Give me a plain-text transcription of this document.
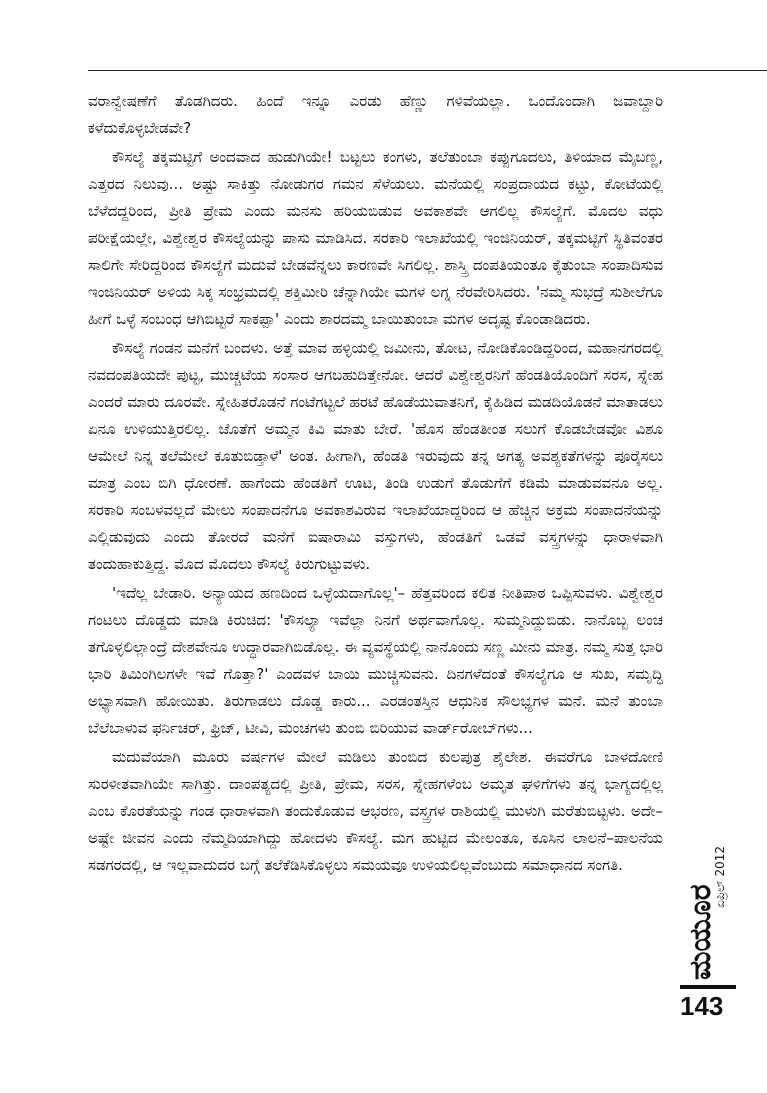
ವರಾನ್ವೇಷಣೆಗೆ ತೊಡಗಿದರು. ಹಿಂದೆ ಇನ್ನೂ ಎರಡು ಹೆಣ್ಣು ಗಳಿವೆಯಲ್ಲಾ. ಒಂದೊಂದಾಗಿ ಜವಾಬ್ದಾರಿ ಕಳೆದುಕೊಳ್ಳಬೇಡವೇ?

ಕೌಸಲ್ಯೆ ತಕ್ಕಮಟ್ಟಿಗೆ ಅಂದವಾದ ಹುಡುಗಿಯೇ! ಬಟ್ಟಲು ಕಂಗಳು, ತಲೆತುಂಬಾ ಕಪ್ಪುಗೂದಲು, ತಿಳಿಯಾದ ಮೈಬಣ್ಣ, ಎತ್ತರದ ನಿಲುವು... ಅಷ್ಟು ಸಾಕಿತ್ತು ನೋಡುಗರ ಗಮನ ಸೆಳೆಯಲು. ಮನೆಯಲ್ಲಿ ಸಂಪ್ರದಾಯದ ಕಟ್ಟು, ಕೋಟೆಯಲ್ಲಿ ಬೆಳೆದದ್ದರಿಂದ, ಪ್ರೀತಿ ಪ್ರೇಮ ಎಂದು ಮನಸು ಹರಿಯಬಿಡುವ ಅವಕಾಶವೇ ಆಗಲಿಲ್ಲ ಕೌಸಲ್ಯೆಗೆ. ಮೊದಲ ವಧು ಪರೀಕ್ಷೆಯಲ್ಲೇ, ವಿಶ್ವೇಶ್ವರ ಕೌಸಲ್ಯೆಯನ್ನು ಪಾಸು ಮಾಡಿಸಿದ. ಸರಕಾರಿ ಇಲಾಖೆಯಲ್ಲಿ ಇಂಜಿನಿಯರ್, ತಕ್ಕಮಟ್ಟಿಗೆ ಸ್ಥಿತಿವಂತರ ಸಾಲಿಗೇ ಸೇರಿದ್ದರಿಂದ ಕೌಸಲ್ಯೆಗೆ ಮದುವೆ ಬೇಡವೆನ್ನಲು ಕಾರಣವೇ ಸಿಗಲಿಲ್ಲ. ಶಾಸ್ತ್ರಿ ದಂಪತಿಯಂತೂ ಕೈತುಂಬಾ ಸಂಪಾದಿಸುವ ಇಂಜಿನಿಯರ್ ಅಳಿಯ ಸಿಕ್ಕ ಸಂಭ್ರಮದಲ್ಲಿ ಶಕ್ತಿಮೀರಿ ಚೆನ್ನಾಗಿಯೇ ಮಗಳ ಲಗ್ನ ನೆರವೇರಿಸಿದರು. 'ನಮ್ಮ ಸುಭದ್ರೆ ಸುಶೀಲೆಗೂ ಹೀಗೆ ಒಳ್ಳೆ ಸಂಬಂಧ ಆಗಿಬಿಟ್ಟರೆ ಸಾಕಪ್ಪಾ' ಎಂದು ಶಾರದಮ್ಮ ಬಾಯಿತುಂಬಾ ಮಗಳ ಅದೃಷ್ಟ ಕೊಂಡಾಡಿದರು.

ಕೌಸಲ್ಯೆ ಗಂಡನ ಮನೆಗೆ ಬಂದಳು. ಅತ್ತೆ ಮಾವ ಹಳ್ಳಿಯಲ್ಲಿ ಜಮೀನು, ತೋಟ, ನೋಡಿಕೊಂಡಿದ್ದರಿಂದ, ಮಹಾನಗರದಲ್ಲಿ ನವದಂಪತಿಯದೇ ಪುಟ್ಟ, ಮುಚ್ಚಟೆಯ ಸಂಸಾರ ಆಗಬಹುದಿತ್ತೇನೋ. ಆದರೆ ವಿಶ್ವೇಶ್ವರನಿಗೆ ಹೆಂಡತಿಯೊಂದಿಗೆ ಸರಸ, ಸ್ನೇಹ ಎಂದರೆ ಮಾರು ದೂರವೇ. ಸ್ನೇಹಿತರೊಡನೆ ಗಂಟೆಗಟ್ಟಲೆ ಹರಟೆ ಹೊಡೆಯುವಾತನಿಗೆ, ಕೈಹಿಡಿದ ಮಡದಿಯೊಡನೆ ಮಾತಾಡಲು ಏನೂ ಉಳಿಯುತ್ತಿರಲಿಲ್ಲ. ಜೊತೆಗೆ ಅಮ್ಮನ ಕಿವಿ ಮಾತು ಬೇರೆ. 'ಹೊಸ ಹೆಂಡತೀಂತ ಸಲುಗೆ ಕೊಡಬೇಡವೋ ವಿಶೂ ಆಮೇಲೆ ನಿನ್ನ ತಲೆಮೇಲೆ ಕೂತುಬಿಡ್ತಾಳೆ' ಅಂತ. ಹೀಗಾಗಿ, ಹೆಂಡತಿ ಇರುವುದು ತನ್ನ ಅಗತ್ಯ ಅವಶ್ಯಕತೆಗಳನ್ನು ಪೂರೈಸಲು ಮಾತ್ರ ಎಂಬ ಬಿಗಿ ಧೋರಣೆ. ಹಾಗೆಂದು ಹೆಂಡತಿಗೆ ಊಟ, ತಿಂಡಿ ಉಡುಗೆ ತೊಡುಗೆಗೆ ಕಡಿಮೆ ಮಾಡುವವನೂ ಅಲ್ಲ. ಸರಕಾರಿ ಸಂಬಳವಲ್ಲದೆ ಮೇಲು ಸಂಪಾದನೆಗೂ ಅವಕಾಶವಿರುವ ಇಲಾಖೆಯಾದ್ದರಿಂದ ಆ ಹೆಚ್ಚಿನ ಅಕ್ರಮ ಸಂಪಾದನೆಯನ್ನು ಎಲ್ಲಿಡುವುದು ಎಂದು ತೋರದೆ ಮನೆಗೆ ಐಷಾರಾಮಿ ವಸ್ತುಗಳು, ಹೆಂಡತಿಗೆ ಒಡವೆ ವಸ್ತ್ರಗಳನ್ನು ಧಾರಾಳವಾಗಿ ತಂದುಹಾಕುತ್ತಿದ್ದ. ಮೊದ ಮೊದಲು ಕೌಸಲ್ಯೆ ಕಿರುಗುಟ್ಟುವಳು.

'ಇದೆಲ್ಲ ಬೇಡಾರಿ. ಅನ್ಯಾಯದ ಹಣದಿಂದ ಒಳ್ಳೆಯದಾಗೊಲ್ಲ'– ಹೆತ್ತವರಿಂದ ಕಲಿತ ನೀತಿಪಾಠ ಒಪ್ಪಿಸುವಳು. ವಿಶ್ವೇಶ್ವರ ಗಂಟಲು ದೊಡ್ಡದು ಮಾಡಿ ಕಿರುಚಿದ: 'ಕೌಸಲ್ಯಾ ಇವೆಲ್ಲಾ ನಿನಗೆ ಅರ್ಥವಾಗೊಲ್ಲ. ಸುಮ್ಮನಿದ್ದುಬಿಡು. ನಾನೊಬ್ಬ ಲಂಚ ತಗೊಳ್ಳಲಿಲ್ಲಾಂದ್ರೆ ದೇಶವೇನೂ ಉದ್ಧಾರವಾಗಿಬಿಡೊಲ್ಲ. ಈ ವ್ಯವಸ್ಥೆಯಲ್ಲಿ ನಾನೊಂದು ಸಣ್ಣ ಮೀನು ಮಾತ್ರ. ನಮ್ಮ ಸುತ್ತ ಭಾರಿ ಭಾರಿ ತಿಮಿಂಗಿಲಗಳೇ ಇವೆ ಗೊತ್ತಾ?' ಎಂದವಳ ಬಾಯಿ ಮುಚ್ಚಿಸುವನು. ದಿನಗಳೆದಂತೆ ಕೌಸಲ್ಯೆಗೂ ಆ ಸುಖ, ಸಮೃದ್ಧಿ ಅಭ್ಯಾಸವಾಗಿ ಹೋಯಿತು. ತಿರುಗಾಡಲು ದೊಡ್ಡ ಕಾರು... ಎರಡಂತಸ್ತಿನ ಆಧುನಿಕ ಸೌಲಭ್ಯಗಳ ಮನೆ. ಮನೆ ತುಂಬಾ ಬೆಲೆಬಾಳುವ ಫರ್ನಿಚರ್, ಫ್ರಿಜ್, ಟೀವಿ, ಮಂಚಗಳು ತುಂಬಿ ಬಿರಿಯುವ ವಾರ್ಡ್‌ರೋಬ್‌ಗಳು...

ಮದುವೆಯಾಗಿ ಮೂರು ವರ್ಷಗಳ ಮೇಲೆ ಮಡಿಲು ತುಂಬಿದ ಕುಲಪುತ್ರ ಶೈಲೇಶ. ಈವರೆಗೂ ಬಾಳದೋಣಿ ಸುರಳೀತವಾಗಿಯೇ ಸಾಗಿತ್ತು. ದಾಂಪತ್ಯದಲ್ಲಿ ಪ್ರೀತಿ, ಪ್ರೇಮ, ಸರಸ, ಸ್ನೇಹಗಳೆಂಬ ಅಮೃತ ಘಳಿಗೆಗಳು ತನ್ನ ಭಾಗ್ಯದಲ್ಲಿಲ್ಲ ಎಂಬ ಕೊರತೆಯನ್ನು ಗಂಡ ಧಾರಾಳವಾಗಿ ತಂದುಕೊಡುವ ಆಭರಣ, ವಸ್ತ್ರಗಳ ರಾಶಿಯಲ್ಲಿ ಮುಳುಗಿ ಮರೆತುಬಿಟ್ಟಳು. ಅದೇ–ಅಷ್ಟೇ ಜೀವನ ಎಂದು ನೆಮ್ಮದಿಯಾಗಿದ್ದು ಹೋದಳು ಕೌಸಲ್ಯೆ. ಮಗ ಹುಟ್ಟಿದ ಮೇಲಂತೂ, ಕೂಸಿನ ಲಾಲನೆ–ಪಾಲನೆಯ ಸಡಗರದಲ್ಲಿ, ಆ ಇಲ್ಲವಾದುದರ ಬಗ್ಗೆ ತಲೆಕೆಡಿಸಿಕೊಳ್ಳಲು ಸಮಯವೂ ಉಳಿಯಲಿಲ್ಲವೆಂಬುದು ಸಮಾಧಾನದ ಸಂಗತಿ.

ಮಯೂರ
ಏಪ್ರಿಲ್ 2012
143
